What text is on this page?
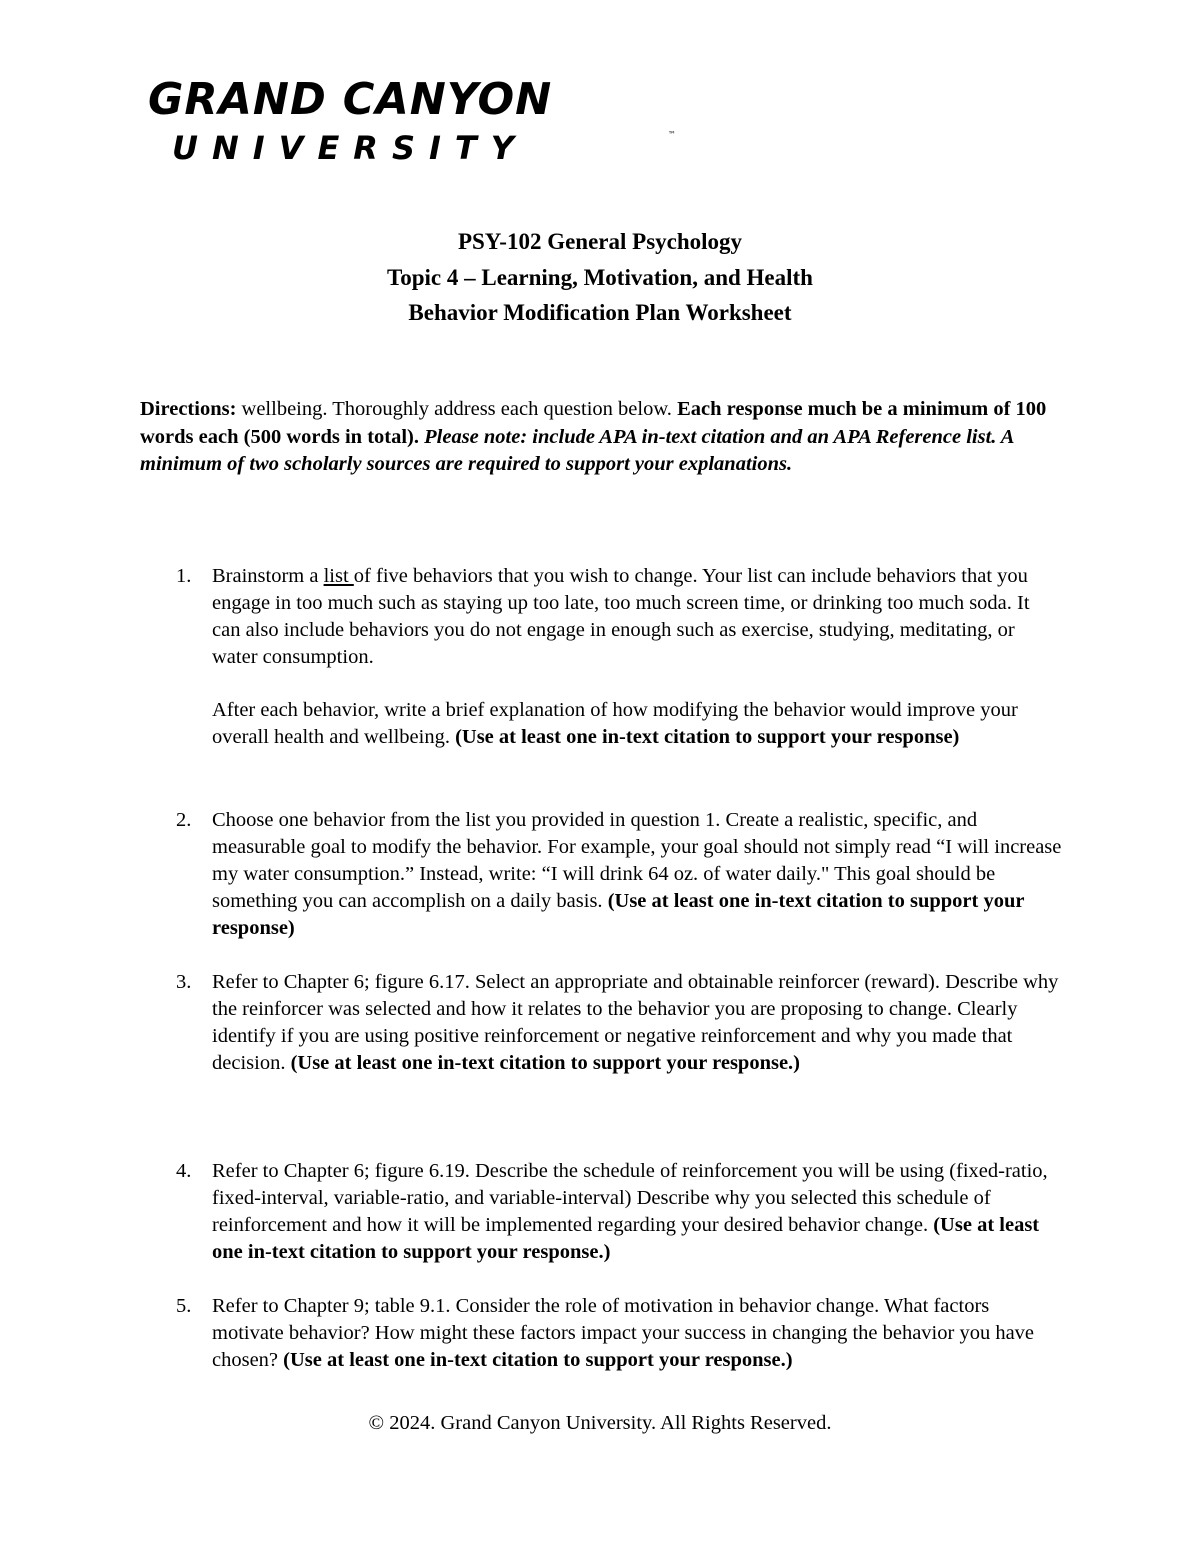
GRAND CANYON
UNIVERSITY	™
PSY-102 General Psychology
Topic 4 – Learning, Motivation, and Health
Behavior Modification Plan Worksheet
Directions: wellbeing. Thoroughly address each question below. Each response much be a minimum of 100 words each (500 words in total). Please note: include APA in-text citation and an APA Reference list. A minimum of two scholarly sources are required to support your explanations.
1. Brainstorm a list of five behaviors that you wish to change. Your list can include behaviors that you engage in too much such as staying up too late, too much screen time, or drinking too much soda. It can also include behaviors you do not engage in enough such as exercise, studying, meditating, or water consumption.

After each behavior, write a brief explanation of how modifying the behavior would improve your overall health and wellbeing. (Use at least one in-text citation to support your response)

2. Choose one behavior from the list you provided in question 1. Create a realistic, specific, and measurable goal to modify the behavior. For example, your goal should not simply read “I will increase my water consumption.” Instead, write: “I will drink 64 oz. of water daily." This goal should be something you can accomplish on a daily basis. (Use at least one in-text citation to support your response)

3. Refer to Chapter 6; figure 6.17. Select an appropriate and obtainable reinforcer (reward). Describe why the reinforcer was selected and how it relates to the behavior you are proposing to change. Clearly identify if you are using positive reinforcement or negative reinforcement and why you made that decision. (Use at least one in-text citation to support your response.)

4. Refer to Chapter 6; figure 6.19. Describe the schedule of reinforcement you will be using (fixed-ratio, fixed-interval, variable-ratio, and variable-interval) Describe why you selected this schedule of reinforcement and how it will be implemented regarding your desired behavior change. (Use at least one in-text citation to support your response.)

5. Refer to Chapter 9; table 9.1. Consider the role of motivation in behavior change. What factors motivate behavior? How might these factors impact your success in changing the behavior you have chosen? (Use at least one in-text citation to support your response.)

© 2024. Grand Canyon University. All Rights Reserved.
